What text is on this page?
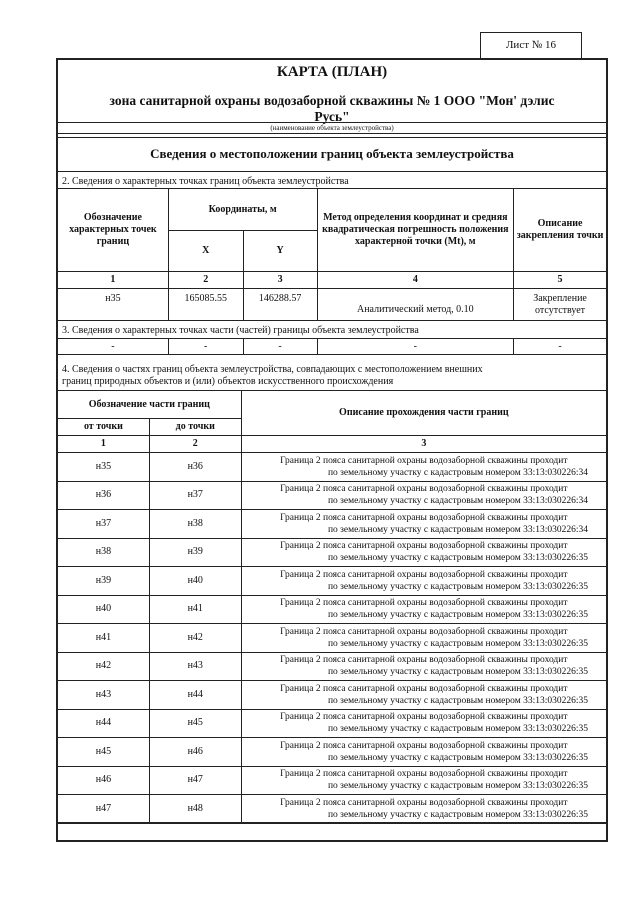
Лист № 16
КАРТА (ПЛАН)
зона санитарной охраны водозаборной скважины № 1 ООО "Мон' дэлис
Русь"
(наименование объекта землеустройства)
Сведения о местоположении границ объекта землеустройства
2. Сведения о характерных точках границ объекта землеустройства
Обозначение характерных точек границ	Координаты, м		Метод определения координат и средняя квадратическая погрешность положения характерной точки (Mt), м	Описание закрепления точки
	X	Y		
1	2	3	4	5
н35	165085.55	146288.57	Аналитический метод, 0.10	Закрепление отсутствует
3. Сведения о характерных точках части (частей) границы объекта землеустройства
-	-	-	-	-
4. Сведения о частях границ объекта землеустройства, совпадающих с местоположением внешних
границ природных объектов и (или) объектов искусственного происхождения
Обозначение части границ		Описание прохождения части границ
от точки	до точки	
1	2	3
н35	н36	Граница 2 пояса санитарной охраны водозаборной скважины проходит
по земельному участку с кадастровым номером 33:13:030226:34

н36	н37	Граница 2 пояса санитарной охраны водозаборной скважины проходит
по земельному участку с кадастровым номером 33:13:030226:34

н37	н38	Граница 2 пояса санитарной охраны водозаборной скважины проходит
по земельному участку с кадастровым номером 33:13:030226:34

н38	н39	Граница 2 пояса санитарной охраны водозаборной скважины проходит
по земельному участку с кадастровым номером 33:13:030226:35

н39	н40	Граница 2 пояса санитарной охраны водозаборной скважины проходит
по земельному участку с кадастровым номером 33:13:030226:35

н40	н41	Граница 2 пояса санитарной охраны водозаборной скважины проходит
по земельному участку с кадастровым номером 33:13:030226:35

н41	н42	Граница 2 пояса санитарной охраны водозаборной скважины проходит
по земельному участку с кадастровым номером 33:13:030226:35

н42	н43	Граница 2 пояса санитарной охраны водозаборной скважины проходит
по земельному участку с кадастровым номером 33:13:030226:35

н43	н44	Граница 2 пояса санитарной охраны водозаборной скважины проходит
по земельному участку с кадастровым номером 33:13:030226:35

н44	н45	Граница 2 пояса санитарной охраны водозаборной скважины проходит
по земельному участку с кадастровым номером 33:13:030226:35

н45	н46	Граница 2 пояса санитарной охраны водозаборной скважины проходит
по земельному участку с кадастровым номером 33:13:030226:35

н46	н47	Граница 2 пояса санитарной охраны водозаборной скважины проходит
по земельному участку с кадастровым номером 33:13:030226:35

н47	н48	Граница 2 пояса санитарной охраны водозаборной скважины проходит
по земельному участку с кадастровым номером 33:13:030226:35
